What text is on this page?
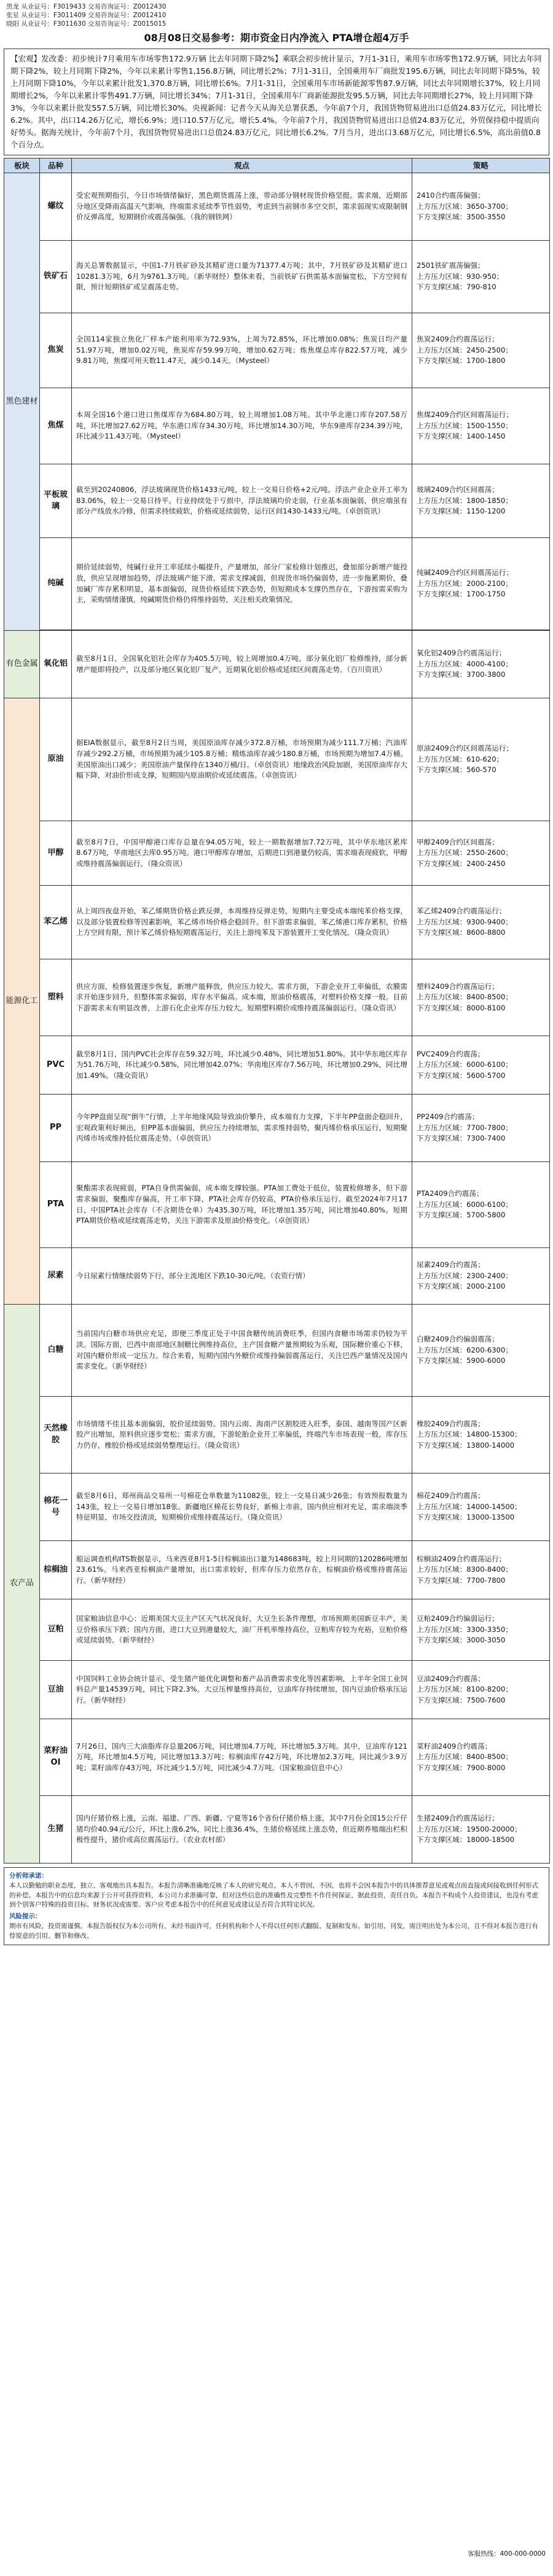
黑龙 从业证号：F3019433 交易咨询证号：Z0012430
张星 从业证号：F3011409 交易咨询证号：Z0012410
晓阳 从业证号：F3011630 交易咨询证号：Z0015015
08月08日交易参考：期市资金日内净流入 PTA增仓超4万手
【宏观】发改委：初步统计7月乘用车市场零售172.9万辆 比去年同期下降2%】乘联会初步统计显示，7月1-31日，乘用车市场零售172.9万辆，同比去年同期下降2%，较上月同期下降2%，今年以来累计零售1,156.8万辆，同比增长2%；7月1-31日，全国乘用车厂商批发195.6万辆，同比去年同期下降5%，较上月同期下降10%，今年以来累计批发1,370.8万辆，同比增长6%。7月1-31日，全国乘用车市场新能源零售87.9万辆，同比去年同期增长37%，较上月同期增长2%，今年以来累计零售491.7万辆，同比增长34%；7月1-31日，全国乘用车厂商新能源批发95.5万辆，同比去年同期增长27%，较上月同期下降3%，今年以来累计批发557.5万辆，同比增长30%。央视新闻：记者今天从海关总署获悉，今年前7个月，我国货物贸易进出口总值24.83万亿元，同比增长6.2%。其中，出口14.26万亿元，增长6.9%；进口10.57万亿元，增长5.4%。今年前7个月，我国货物贸易进出口总值24.83万亿元，外贸保持稳中提质向好势头。据海关统计，今年前7个月，我国货物贸易进出口总值24.83万亿元，同比增长6.2%。7月当月，进出口3.68万亿元，同比增长6.5%，高出前值0.8个百分点。
板块	品种	观点	策略
黑色建材	螺纹	受宏观预期指引，今日市场情绪偏好，黑色期货震荡上涨，带动部分钢材现货价格坚挺。需求端，近期部分地区受降雨高温天气影响，终端需求延续季节性弱势，考虑到当前钢市多空交织，需求弱现实或限制钢价反弹高度，短期钢价或震荡偏强。（我的钢铁网）	2410合约震荡偏强；
上方压力区域：3650-3700；
下方支撑区域：3500-3550
	铁矿石	海关总署数据显示，中国1-7月铁矿砂及其精矿进口量为71377.4万吨；其中，7月铁矿砂及其精矿进口10281.3万吨，6月为9761.3万吨。（新华财经）整体来看，当前铁矿石供需基本面偏宽松，下方空间有限，预计短期铁矿或呈震荡走势。	2501铁矿震荡偏强；
上方压力区域：930-950；
下方支撑区域：790-810
	焦炭	全国114家独立焦化厂样本产能利用率为72.93%，上周为72.85%，环比增加0.08%；焦炭日均产量51.97万吨，增加0.02万吨，焦炭库存59.99万吨，增加0.62万吨；炼焦煤总库存822.57万吨，减少9.81万吨，焦煤可用天数11.47天，减少0.14天。（Mysteel）	焦炭2409合约震荡运行；
上方压力区域：2450-2500；
下方支撑区域：1700-1800
	焦煤	本周全国16个港口进口焦煤库存为684.80万吨，较上周增加1.08万吨。其中华北港口库存207.58万吨，环比增加27.62万吨，华东港口库存34.30万吨，环比增加14.30万吨，华东9港库存234.39万吨，环比减少11.43万吨。（Mysteel）	焦煤2409合约区间震荡运行；
上方压力区域：1500-1550；
下方支撑区域：1400-1450
	平板玻璃	截至到20240806，浮法玻璃现货价格1433元/吨，较上一交易日价格+2元/吨。浮法产业企业开工率为83.06%，较上一交易日持平。行业持续处于亏损中，浮法玻璃均价走弱，行业基本面偏弱，供应端虽有部分产线放水冷修，但需求持续疲软，价格或延续弱势，运行区间1430-1433元/吨。（卓创资讯）	玻璃2409合约区间震荡；
上方压力区域：1800-1850；
下方支撑区域：1150-1200
	纯碱	期价延续弱势，纯碱行业开工率延续小幅提升，产量增加，部分厂家检修计划推迟，叠加部分新增产能投放，供应呈现增加趋势，浮法玻璃产能下滑，需求支撑减弱，但现货市场仍偏弱势，进一步拖累期价，叠加碱厂库存累积明显，基本面偏弱，现货价格延续下跌态势，但短期成本支撑仍然存在，下游按需采购为主，采购情绪谨慎，纯碱期货价格仍将维持弱势，关注相关政策情况。	纯碱2409合约区间震荡运行；
上方压力区域：2000-2100；
下方支撑区域：1700-1750

有色金属	氧化铝	截至8月1日，全国氧化铝社会库存为405.5万吨，较上周增加0.4万吨。部分氧化铝厂检修维持，部分新增产能即将投产，以及部分地区氧化铝厂复产，近期氧化铝价格或延续区间震荡走势。（百川资讯）	氧化铝2409合约震荡运行；
上方压力区域：4000-4100；
下方支撑区域：3700-3800
能源化工	原油	据EIA数据显示，截至8月2日当周，美国原油库存减少372.8万桶，市场预期为减少111.7万桶；汽油库存减少292.2万桶，市场预期为减少105.8万桶；精炼油库存减少180.8万桶，市场预期为增加7.4万桶。美国原油出口减少；美国原油产量保持在1340万桶/日。（卓创资讯）地缘政治风险加剧，美国原油库存大幅下降，对油价形成支撑，短期国内原油期价或延续震荡。（卓创资讯）	原油2409合约区间震荡运行；
上方压力区域：610-620；
下方支撑区域：560-570
	甲醇	截至8月7日，中国甲醇港口库存总量在94.05万吨，较上一期数据增加7.72万吨，其中华东地区累库8.67万吨，华南地区去库0.95万吨。港口甲醇库存增加，后期进口到港量仍较高，需求端表现疲软，甲醇或维持震荡偏弱运行。（隆众资讯）	甲醇2409合约区间震荡；
上方压力区域：2550-2600；
下方支撑区域：2400-2450
	苯乙烯	从上周四夜盘开始，苯乙烯期货价格止跌反弹，本周维持反弹走势，短期内主要受成本端纯苯价格支撑，以及部分装置检修等因素影响，苯乙烯市场价格企稳回升。但下游需求偏弱，苯乙烯港口库存累积，价格上方空间有限，预计苯乙烯价格短期震荡运行，关注上游纯苯及下游装置开工变化情况。（隆众资讯）	苯乙烯2409合约震荡运行；
上方压力区域：9300-9400；
下方支撑区域：8600-8800
	塑料	供应方面，检修装置逐步恢复，新增产能释放，供应压力较大。需求方面，下游企业开工率偏低，农膜需求开始逐步回升，但整体需求偏弱，库存水平偏高。成本端，原油价格震荡，对塑料价格支撑一般。目前下游需求未有明显改善，上游石化企业库存压力较大。短期塑料期价或维持震荡偏弱运行。（隆众资讯）	塑料2409合约震荡运行；
上方压力区域：8400-8500；
下方支撑区域：8000-8100
	PVC	截至8月1日，国内PVC社会库存在59.32万吨，环比减少0.48%，同比增加51.80%。其中华东地区库存为51.76万吨，环比减少0.58%，同比增加42.07%；华南地区库存7.56万吨，环比增加0.29%，同比增加1.49%。（隆众资讯）	PVC2409合约震荡；
上方压力区域：6000-6100；
下方支撑区域：5600-5700
	PP	今年PP盘面呈现“倒牛”行情，上半年地缘风险导致油价攀升，成本端有力支撑，下半年PP盘面企稳回升，宏观政策利好频出，但PP基本面偏弱，供应压力持续增加，需求维持弱势，聚丙烯价格承压运行，短期聚丙烯市场或维持低位震荡走势。（卓创资讯）	PP2409合约震荡；
上方压力区域：7700-7800；
下方支撑区域：7300-7400
	PTA	聚酯需求表现疲弱，PTA自身供需偏弱，成本端支撑较强。PTA加工费处于低位，装置检修增多，但下游需求偏弱，聚酯库存偏高，开工率下降，PTA社会库存仍较高，PTA价格承压运行。截至2024年7月17日，中国PTA社会库存（不含期货仓单）为435.30万吨，环比增加1.35万吨，同比增加40.80%。短期PTA期货价格或延续震荡走势，关注下游需求及原油价格变化。（卓创资讯）	PTA2409合约震荡；
上方压力区域：6000-6100；
下方支撑区域：5700-5800
	尿素	今日尿素行情继续弱势下行，部分主流地区下跌10-30元/吨。（农资行情）	尿素2409合约震荡；
上方压力区域：2300-2400；
下方支撑区域：2000-2100
农产品	白糖	当前国内白糖市场供应充足，即便三季度正处于中国食糖传统消费旺季，但国内食糖市场需求仍较为平淡。国际方面，巴西中南部地区制糖比例维持高位，主产国食糖产量预期较为乐观，国际糖价重心下移，对国内糖价形成一定压力。综合来看，短期内国内外糖价或维持偏弱震荡运行，关注巴西产量情况及国内需求变化。（新华财经）	白糖2409合约偏弱震荡；
上方压力区域：6200-6300；
下方支撑区域：5900-6000
	天然橡胶	市场情绪不佳且基本面偏弱，胶价延续弱势。国内云南、海南产区割胶进入旺季，泰国、越南等国产区新胶产出增加，原料供应逐步宽松；需求方面，下游轮胎企业开工率偏低，终端汽车市场表现一般，库存压力仍存，橡胶价格或延续弱势整理运行。（隆众资讯）	橡胶2409合约震荡；
上方压力区域：14800-15300；
下方支撑区域：13800-14000
	棉花一号	截至8月6日，郑州商品交易所一号棉花仓单数量为11082张，较上一交易日减少26张；有效预报数量为143张，较上一交易日增加18张。新疆地区棉花长势良好，新棉上市前，国内供应相对充足，需求端淡季特征明显，市场交投清淡，短期棉价或维持震荡运行。（隆众资讯）	棉花2409合约震荡；
上方压力区域：14000-14500；
下方支撑区域：13000-13500
	棕榈油	船运调查机构ITS数据显示，马来西亚8月1-5日棕榈油出口量为148683吨，较上月同期的120286吨增加23.61%。马来西亚棕榈油产量增加，出口需求较好，但库存压力依然存在，棕榈油价格或维持震荡运行。（新华财经）	棕榈油2409合约震荡运行；
上方压力区域：8300-8400；
下方支撑区域：7700-7800
	豆粕	国家粮油信息中心：近期美国大豆主产区天气状况良好，大豆生长条件理想，市场预期美国新豆丰产，美豆价格承压下跌；国内方面，进口大豆到港量较大，油厂开机率维持高位，豆粕库存较为充裕，豆粕价格或延续弱势。（新华财经）	豆粕2409合约偏弱运行；
上方压力区域：3300-3350；
下方支撑区域：3000-3050
	豆油	中国饲料工业协会统计显示，受生猪产能优化调整和畜产品消费需求变化等因素影响，上半年全国工业饲料总产量14539万吨，同比下降2.3%。大豆压榨量维持高位，豆油库存持续增加，国内豆油价格承压运行。（新华财经）	豆油2409合约震荡；
上方压力区域：8100-8200；
下方支撑区域：7500-7600
	菜籽油OI	7月26日，国内三大油脂库存总量206万吨，同比增加4.7万吨，环比增加5.3万吨。其中，豆油库存121万吨，环比增加4.5万吨，同比增加13.3万吨；棕榈油库存42万吨，环比增加2.3万吨，同比减少3.9万吨；菜籽油库存43万吨，环比减少1.5万吨，同比减少4.7万吨。（国家粮油信息中心）	菜籽油2409合约震荡；
上方压力区域：8400-8500；
下方支撑区域：7900-8000
	生猪	国内仔猪价格上涨，云南、福建、广西、新疆、宁夏等16个省份仔猪价格上涨，其中7月份全国15公斤仔猪均价40.94元/公斤，环比上涨6.2%，同比上涨36.4%，生猪价格延续上涨态势，但近期养殖端出栏积极性提升，猪价或高位震荡运行。（农业农村部）	生猪2409合约震荡运行；
上方压力区域：19500-20000；
下方支撑区域：18000-18500
分析师承诺：
本人以勤勉的职业态度，独立、客观地出具本报告。本报告清晰准确地反映了本人的研究观点。本人不曾因，不因，也将不会因本报告中的具体推荐意见或观点而直接或间接收到任何形式的补偿。本报告中的信息均来源于公开可获得资料，本公司力求准确可靠，但对这些信息的准确性及完整性不作任何保证，据此投资，责任自负。本报告不构成个人投资建议，也没有考虑到个别客户特殊的投资目标、财务状况或需要。客户应考虑本报告中的任何意见或建议是否符合其特定状况。
风险提示：
期市有风险，投资需谨慎。本报告版权仅为本公司所有，未经书面许可，任何机构和个人不得以任何形式翻版、复制和发布。如引用、刊发，需注明出处为本公司，且不得对本报告进行有悖原意的引用、删节和修改。
客服热线：400-000-0000
